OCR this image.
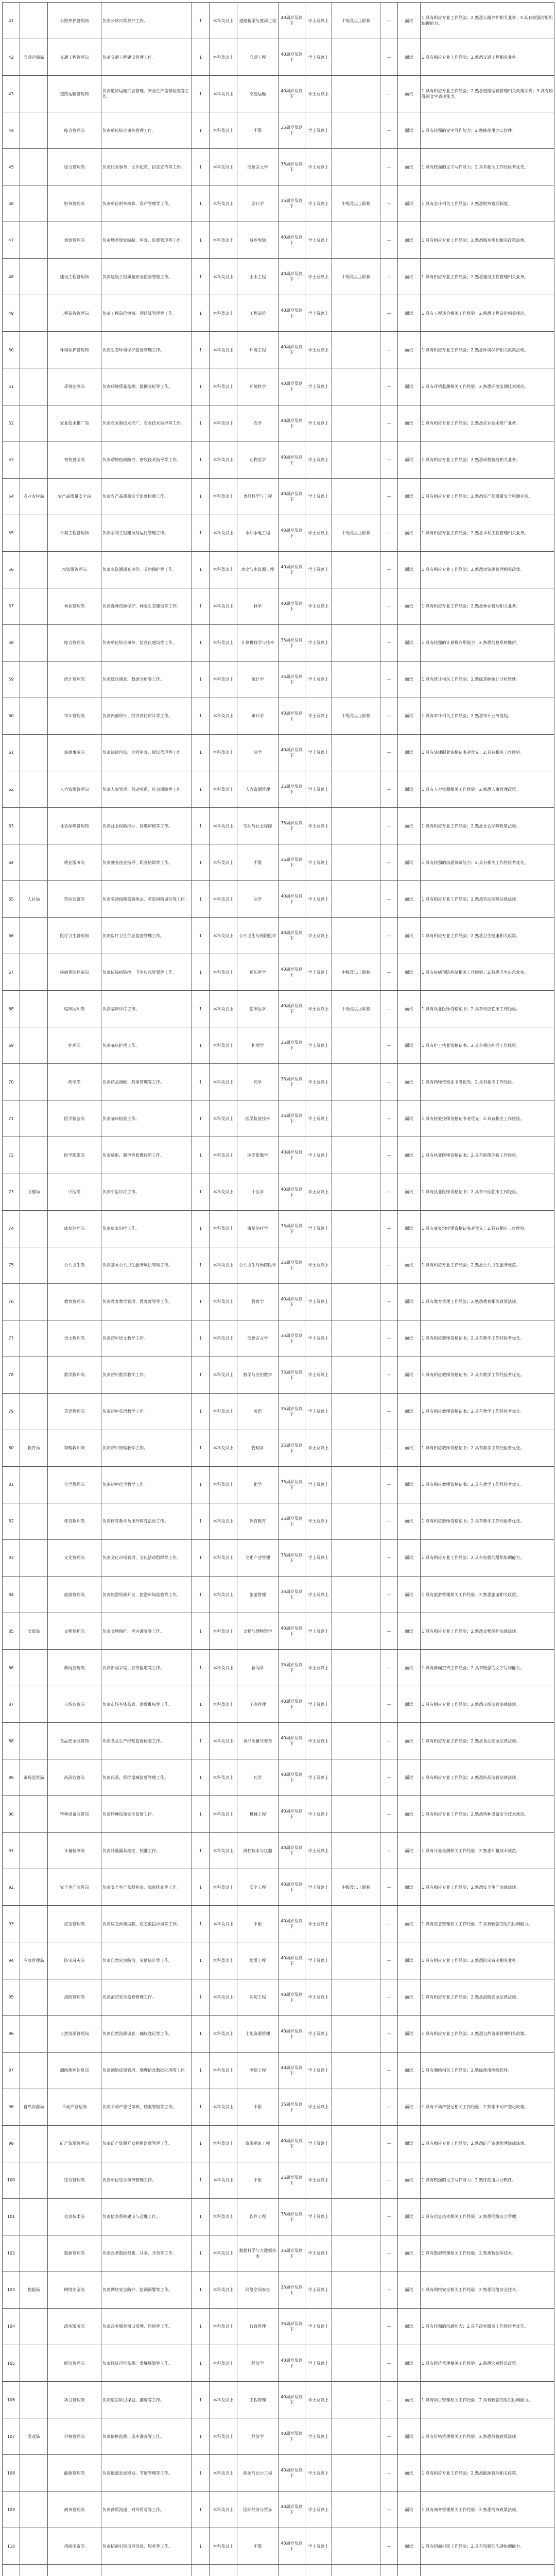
41		公路养护管理岗	负责公路日常养护工作。	1	本科及以上	道路桥梁与渡河工程	40周岁及以下	学士及以上	中级及以上职称	—	面试	1.具有相应专业工作经验；2.熟悉公路养护相关业务；3.具有较强的组织协调能力。
42	交通运输局	交通工程管理岗	负责交通工程建设管理工作。	1	本科及以上	交通工程	40周岁及以下	学士及以上		—	面试	1.具有相应专业工作经验；2.熟悉交通工程相关业务。
43		道路运输管理岗	负责道路运输行业管理、安全生产监督检查等工作。	1	本科及以上	交通运输	40周岁及以下	学士及以上		—	面试	1.具有相应专业工作经验；2.熟悉道路运输管理相关政策法规；3.具有较强的文字表达能力。
44		综合管理岗	负责单位综合事务管理工作。	1	本科及以上	不限	35周岁及以下	学士及以上		—	面试	1.具有较强的文字写作能力；2.熟练使用办公软件。
45		综合管理岗	负责行政事务、文件起草、信息宣传等工作。	1	本科及以上	汉语言文学	35周岁及以下	学士及以上		—	面试	1.具有较强的文字写作能力；2.具有相关工作经验者优先。
46		财务管理岗	负责单位财务核算、资产管理等工作。	1	本科及以上	会计学	35周岁及以下	学士及以上	中级及以上职称	—	面试	1.具有会计相关工作经验；2.熟悉财务管理制度。
47		规划管理岗	负责城乡规划编制、审查、监督管理等工作。	1	本科及以上	城乡规划	40周岁及以下	学士及以上		—	面试	1.具有相应专业工作经验；2.熟悉城乡规划相关政策法规。
48		建设工程管理岗	负责建设工程质量安全监督管理工作。	1	本科及以上	土木工程	40周岁及以下	学士及以上	中级及以上职称	—	面试	1.具有相应专业工作经验；2.熟悉建设工程管理相关业务。
49		工程造价管理岗	负责工程造价审核、预结算管理等工作。	1	本科及以上	工程造价	40周岁及以下	学士及以上		—	面试	1.具有工程造价相关工作经验；2.熟悉工程造价相关规范。
50		环境保护管理岗	负责生态环境保护监督管理工作。	1	本科及以上	环境工程	40周岁及以下	学士及以上		—	面试	1.具有相应专业工作经验；2.熟悉环境保护相关政策法规。
51		环境监测岗	负责环境质量监测、数据分析等工作。	1	本科及以上	环境科学	40周岁及以下	学士及以上		—	面试	1.具有环境监测相关工作经验；2.熟悉环境监测技术规范。
52		农业技术推广岗	负责农业新技术推广、农业技术指导等工作。	1	本科及以上	农学	40周岁及以下	学士及以上		—	面试	1.具有相应专业工作经验；2.熟悉农业技术推广业务。
53		畜牧兽医岗	负责动物疫病防控、畜牧技术指导等工作。	1	本科及以上	动物医学	40周岁及以下	学士及以上		—	面试	1.具有相应专业工作经验；2.熟悉动物防疫相关业务。
54	农业农村局	农产品质量安全岗	负责农产品质量安全监督检测工作。	1	本科及以上	食品科学与工程	40周岁及以下	学士及以上		—	面试	1.具有相应专业工作经验；2.熟悉农产品质量安全检测业务。
55		水利工程管理岗	负责水利工程建设与运行管理工作。	1	本科及以上	水利水电工程	40周岁及以下	学士及以上	中级及以上职称	—	面试	1.具有相应专业工作经验；2.熟悉水利工程管理相关业务。
56		水资源管理岗	负责水资源调查评价、节约保护等工作。	1	本科及以上	水文与水资源工程	40周岁及以下	学士及以上		—	面试	1.具有相应专业工作经验；2.熟悉水资源管理相关政策。
57		林业管理岗	负责森林资源保护、林业生态建设等工作。	1	本科及以上	林学	40周岁及以下	学士及以上		—	面试	1.具有相应专业工作经验；2.熟悉林业管理相关业务。
58		综合管理岗	负责单位综合事务、信息化建设等工作。	1	本科及以上	计算机科学与技术	35周岁及以下	学士及以上		—	面试	1.具有较强的计算机应用能力；2.熟悉信息系统维护。
59		统计管理岗	负责统计调查、数据分析等工作。	1	本科及以上	统计学	35周岁及以下	学士及以上		—	面试	1.具有统计相关工作经验；2.熟练掌握统计分析软件。
60		审计管理岗	负责内部审计、经济责任审计等工作。	1	本科及以上	审计学	40周岁及以下	学士及以上	中级及以上职称	—	面试	1.具有审计相关工作经验；2.熟悉审计业务流程。
61		法律事务岗	负责法律咨询、合同审查、诉讼代理等工作。	1	本科及以上	法学	40周岁及以下	学士及以上		—	面试	1.具有法律职业资格证书者优先；2.具有相关工作经验。
62		人力资源管理岗	负责人事管理、劳动关系、社会保障等工作。	1	本科及以上	人力资源管理	35周岁及以下	学士及以上		—	面试	1.具有人力资源相关工作经验；2.熟悉人事管理政策。
63		社会保障管理岗	负责社会保险经办、待遇审核等工作。	1	本科及以上	劳动与社会保障	35周岁及以下	学士及以上		—	面试	1.具有相应专业工作经验；2.熟悉社会保障政策法规。
64		就业服务岗	负责就业创业指导、职业培训等工作。	1	本科及以上	不限	35周岁及以下	学士及以上		—	面试	1.具有较强的沟通协调能力；2.具有相关工作经验者优先。
65	人社局	劳动监察岗	负责劳动保障监察执法、劳资纠纷调处等工作。	1	本科及以上	法学	40周岁及以下	学士及以上		—	面试	1.具有相应专业工作经验；2.熟悉劳动保障法律法规。
66		医疗卫生管理岗	负责医疗卫生行业监督管理工作。	1	本科及以上	公共卫生与预防医学	40周岁及以下	学士及以上		—	面试	1.具有相应专业工作经验；2.熟悉卫生健康相关政策。
67		疾病预防控制岗	负责传染病防控、卫生应急处置等工作。	1	本科及以上	预防医学	40周岁及以下	学士及以上	中级及以上职称	—	面试	1.具有疾病预防控制相关工作经验；2.熟悉卫生应急业务。
68		临床医师岗	负责临床诊疗工作。	1	本科及以上	临床医学	40周岁及以下	学士及以上	中级及以上职称	—	面试	1.具有执业医师资格证书；2.具有相应临床工作经验。
69		护理岗	负责临床护理工作。	1	本科及以上	护理学	35周岁及以下	学士及以上		—	面试	1.具有护士执业资格证书；2.具有相应护理工作经验。
70		药学岗	负责药品调配、药事管理等工作。	1	本科及以上	药学	35周岁及以下	学士及以上		—	面试	1.具有药师资格证书者优先；2.具有相应工作经验。
71		医学检验岗	负责临床检验工作。	1	本科及以上	医学检验技术	35周岁及以下	学士及以上		—	面试	1.具有检验技师资格证书者优先；2.具有相应工作经验。
72		医学影像岗	负责放射、超声等影像诊断工作。	1	本科及以上	医学影像学	40周岁及以下	学士及以上		—	面试	1.具有执业医师资格证书；2.具有影像诊断工作经验。
73	卫健局	中医岗	负责中医诊疗工作。	1	本科及以上	中医学	40周岁及以下	学士及以上		—	面试	1.具有执业医师资格证书；2.具有中医临床工作经验。
74		康复治疗岗	负责康复治疗工作。	1	本科及以上	康复治疗学	35周岁及以下	学士及以上		—	面试	1.具有康复治疗师资格证书者优先；2.具有相应工作经验。
75		公共卫生岗	负责基本公共卫生服务项目管理工作。	1	本科及以上	公共卫生与预防医学	35周岁及以下	学士及以上		—	面试	1.具有相应专业工作经验；2.熟悉公共卫生服务规范。
76		教育管理岗	负责教育教学管理、教育督导等工作。	1	本科及以上	教育学	40周岁及以下	学士及以上		—	面试	1.具有教育管理工作经验；2.熟悉教育相关政策法规。
77		语文教师岗	负责初中语文教学工作。	1	本科及以上	汉语言文学	35周岁及以下	学士及以上		—	面试	1.具有相应教师资格证书；2.具有教学工作经验者优先。
78		数学教师岗	负责初中数学教学工作。	1	本科及以上	数学与应用数学	35周岁及以下	学士及以上		—	面试	1.具有相应教师资格证书；2.具有教学工作经验者优先。
79		英语教师岗	负责初中英语教学工作。	1	本科及以上	英语	35周岁及以下	学士及以上		—	面试	1.具有相应教师资格证书；2.具有教学工作经验者优先。
80	教育局	物理教师岗	负责初中物理教学工作。	1	本科及以上	物理学	35周岁及以下	学士及以上		—	面试	1.具有相应教师资格证书；2.具有教学工作经验者优先。
81		化学教师岗	负责初中化学教学工作。	1	本科及以上	化学	35周岁及以下	学士及以上		—	面试	1.具有相应教师资格证书；2.具有教学工作经验者优先。
82		体育教师岗	负责体育教学及课外体育活动工作。	1	本科及以上	体育教育	35周岁及以下	学士及以上		—	面试	1.具有相应教师资格证书；2.具有教学工作经验者优先。
83		文化管理岗	负责文化市场管理、文化活动组织等工作。	1	本科及以上	文化产业管理	35周岁及以下	学士及以上		—	面试	1.具有相应专业工作经验；2.具有较强的组织协调能力。
84		旅游管理岗	负责旅游资源开发、旅游市场监管等工作。	1	本科及以上	旅游管理	35周岁及以下	学士及以上		—	面试	1.具有旅游管理相关工作经验；2.熟悉旅游相关政策。
85	文旅局	文物保护岗	负责文物保护、考古调查等工作。	1	本科及以上	文物与博物馆学	40周岁及以下	学士及以上		—	面试	1.具有相应专业工作经验；2.熟悉文物保护法律法规。
86		新闻宣传岗	负责新闻采编、宣传报道等工作。	1	本科及以上	新闻学	35周岁及以下	学士及以上		—	面试	1.具有新闻宣传工作经验；2.具有较强的文字写作能力。
87		市场监管岗	负责市场主体监管、消费维权等工作。	1	本科及以上	工商管理	40周岁及以下	学士及以上		—	面试	1.具有相应专业工作经验；2.熟悉市场监管法律法规。
88		食品安全监管岗	负责食品生产经营监督检查工作。	1	本科及以上	食品质量与安全	40周岁及以下	学士及以上		—	面试	1.具有相应专业工作经验；2.熟悉食品安全法律法规。
89	市场监管局	药品监管岗	负责药品、医疗器械监督管理工作。	1	本科及以上	药学	40周岁及以下	学士及以上		—	面试	1.具有相应专业工作经验；2.熟悉药品监管法律法规。
90		特种设备监管岗	负责特种设备安全监察工作。	1	本科及以上	机械工程	40周岁及以下	学士及以上		—	面试	1.具有相应专业工作经验；2.熟悉特种设备安全技术规范。
91		计量检测岗	负责计量器具检定、校准工作。	1	本科及以上	测控技术与仪器	40周岁及以下	学士及以上		—	面试	1.具有计量检测相关工作经验；2.熟悉计量技术规范。
92		安全生产监管岗	负责安全生产监督检查、隐患排查等工作。	1	本科及以上	安全工程	40周岁及以下	学士及以上	中级及以上职称	—	面试	1.具有相应专业工作经验；2.熟悉安全生产法律法规。
93		应急管理岗	负责应急预案编制、应急救援协调等工作。	1	本科及以上	不限	40周岁及以下	学士及以上		—	面试	1.具有应急管理相关工作经验；2.具有较强的组织协调能力。
94	应急管理局	防灾减灾岗	负责自然灾害防治、灾情统计等工作。	1	本科及以上	地质工程	40周岁及以下	学士及以上		—	面试	1.具有相应专业工作经验；2.熟悉防灾减灾相关业务。
95		消防管理岗	负责消防安全监督管理工作。	1	本科及以上	消防工程	40周岁及以下	学士及以上		—	面试	1.具有相应专业工作经验；2.熟悉消防安全法律法规。
96		自然资源管理岗	负责自然资源调查、确权登记等工作。	1	本科及以上	土地资源管理	40周岁及以下	学士及以上		—	面试	1.具有相应专业工作经验；2.熟悉自然资源管理相关政策。
97		测绘地理信息岗	负责测绘成果管理、地理信息数据处理等工作。	1	本科及以上	测绘工程	40周岁及以下	学士及以上		—	面试	1.具有测绘相关工作经验；2.熟练使用测绘软件。
98	自然资源局	不动产登记岗	负责不动产登记审核、档案管理等工作。	1	本科及以上	不限	35周岁及以下	学士及以上		—	面试	1.具有不动产登记相关工作经验；2.熟悉不动产登记政策。
99		矿产资源管理岗	负责矿产资源开发利用监督管理工作。	1	本科及以上	资源勘查工程	40周岁及以下	学士及以上		—	面试	1.具有相应专业工作经验；2.熟悉矿产资源管理法律法规。
100		综合管理岗	负责单位综合事务管理工作。	1	本科及以上	不限	35周岁及以下	学士及以上		—	面试	1.具有较强的文字写作能力；2.熟练使用办公软件。
101		信息技术岗	负责信息系统建设与运维工作。	1	本科及以上	软件工程	35周岁及以下	学士及以上		—	面试	1.具有信息技术相关工作经验；2.熟悉网络安全管理。
102		数据管理岗	负责政务数据归集、共享、开放等工作。	1	本科及以上	数据科学与大数据技术	35周岁及以下	学士及以上		—	面试	1.具有数据管理相关工作经验；2.熟悉数据库技术。
103	数据局	网络安全岗	负责网络安全防护、监测预警等工作。	1	本科及以上	网络空间安全	35周岁及以下	学士及以上		—	面试	1.具有网络安全相关工作经验；2.熟悉网络安全技术。
104		政务服务岗	负责政务服务窗口受理、咨询等工作。	1	本科及以上	行政管理	35周岁及以下	学士及以上		—	面试	1.具有较强的沟通能力；2.具有政务服务工作经验者优先。
105		经济管理岗	负责经济运行监测、发展规划等工作。	1	本科及以上	经济学	40周岁及以下	学士及以上		—	面试	1.具有经济管理相关工作经验；2.熟悉宏观经济政策。
106		项目管理岗	负责重点项目谋划、推进等工作。	1	本科及以上	工程管理	40周岁及以下	学士及以上		—	面试	1.具有项目管理相关工作经验；2.具有较强的组织协调能力。
107	发改局	价格管理岗	负责价格监测、成本调查等工作。	1	本科及以上	经济学	40周岁及以下	学士及以上		—	面试	1.具有价格管理相关工作经验；2.熟悉价格政策法规。
108		能源管理岗	负责能源发展规划、节能管理等工作。	1	本科及以上	能源与动力工程	40周岁及以下	学士及以上		—	面试	1.具有相应专业工作经验；2.熟悉能源管理相关政策。
109		商务管理岗	负责商贸流通、对外贸易等工作。	1	本科及以上	国际经济与贸易	40周岁及以下	学士及以上		—	面试	1.具有商务管理相关工作经验；2.熟悉商务政策法规。
110		招商引资岗	负责招商引资项目洽谈、服务等工作。	1	本科及以上	不限	40周岁及以下	学士及以上		—	面试	1.具有招商引资工作经验；2.具有较强的沟通协调能力。
